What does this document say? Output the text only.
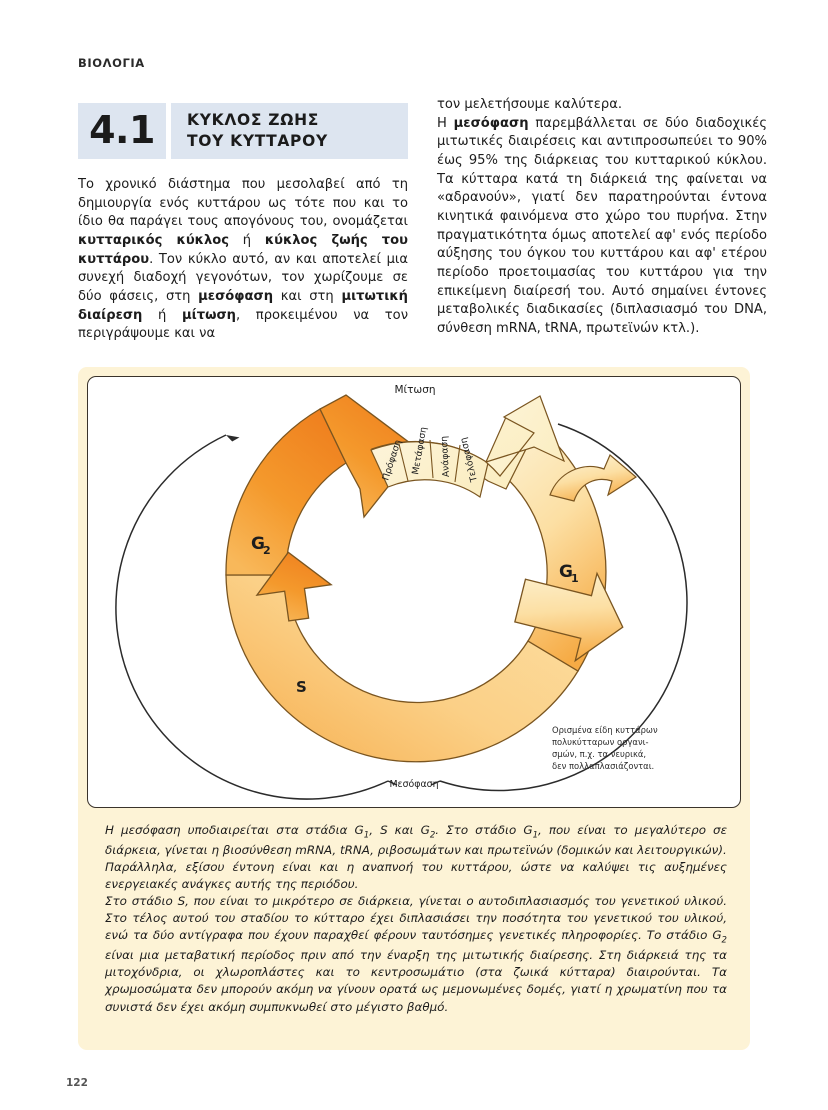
ΒΙΟΛΟΓΙΑ
4.1	ΚΥΚΛΟΣ ΖΩΗΣ
ΤΟΥ ΚΥΤΤΑΡΟΥ

Το χρονικό διάστημα που μεσολαβεί από τη δημιουργία ενός κυττάρου ως τότε που και το ίδιο θα παράγει τους απογόνους του, ονομάζεται κυτταρικός κύκλος ή κύκλος ζωής του κυττάρου. Τον κύκλο αυτό, αν και αποτελεί μια συνεχή διαδοχή γεγονότων, τον χωρίζουμε σε δύο φάσεις, στη μεσόφαση και στη μιτωτική διαίρεση ή μίτωση, προκειμένου να τον περιγράψουμε και να

τον μελετήσουμε καλύτερα.
Η μεσόφαση παρεμβάλλεται σε δύο διαδοχικές μιτωτικές διαιρέσεις και αντιπροσωπεύει το 90% έως 95% της διάρκειας του κυτταρικού κύκλου. Τα κύτταρα κατά τη διάρκειά της φαίνεται να «αδρανούν», γιατί δεν παρατηρούνται έντονα κινητικά φαινόμενα στο χώρο του πυρήνα. Στην πραγματικότητα όμως αποτελεί αφ' ενός περίοδο αύξησης του όγκου του κυττάρου και αφ' ετέρου περίοδο προετοιμασίας του κυττάρου για την επικείμενη διαίρεσή του. Αυτό σημαίνει έντονες μεταβολικές διαδικασίες (διπλασιασμό του DNA, σύνθεση mRNA, tRNA, πρωτεϊνών κτλ.).

Μίτωση
Πρόφαση Μετάφαση Ανάφαση Τελόφαση
G
2
G
1
S
Μεσόφαση
Ορισμένα είδη κυττάρων
πολυκύτταρων οργανι-
σμών, π.χ. τα νευρικά,
δεν πολλαπλασιάζονται.

Η μεσόφαση υποδιαιρείται στα στάδια $G_1$, S και $G_2$. Στο στάδιο $G_1$, που είναι το μεγαλύτερο σε διάρκεια, γίνεται η βιοσύνθεση mRNA, tRNA, ριβοσωμάτων και πρωτεϊνών (δομικών και λειτουργικών).

Παράλληλα, εξίσου έντονη είναι και η αναπνοή του κυττάρου, ώστε να καλύψει τις αυξημένες ενεργειακές ανάγκες αυτής της περιόδου.

Στο στάδιο S, που είναι το μικρότερο σε διάρκεια, γίνεται ο αυτοδιπλασιασμός του γενετικού υλικού. Στο τέλος αυτού του σταδίου το κύτταρο έχει διπλασιάσει την ποσότητα του γενετικού του υλικού, ενώ τα δύο αντίγραφα που έχουν παραχθεί φέρουν ταυτόσημες γενετικές πληροφορίες. Το στάδιο $G_2$ είναι μια μεταβατική περίοδος πριν από την έναρξη της μιτωτικής διαίρεσης. Στη διάρκειά της τα μιτοχόνδρια, οι χλωροπλάστες και το κεντροσωμάτιο (στα ζωικά κύτταρα) διαιρούνται. Τα χρωμοσώματα δεν μπορούν ακόμη να γίνουν ορατά ως μεμονωμένες δομές, γιατί η χρωματίνη που τα συνιστά δεν έχει ακόμη συμπυκνωθεί στο μέγιστο βαθμό.

122
